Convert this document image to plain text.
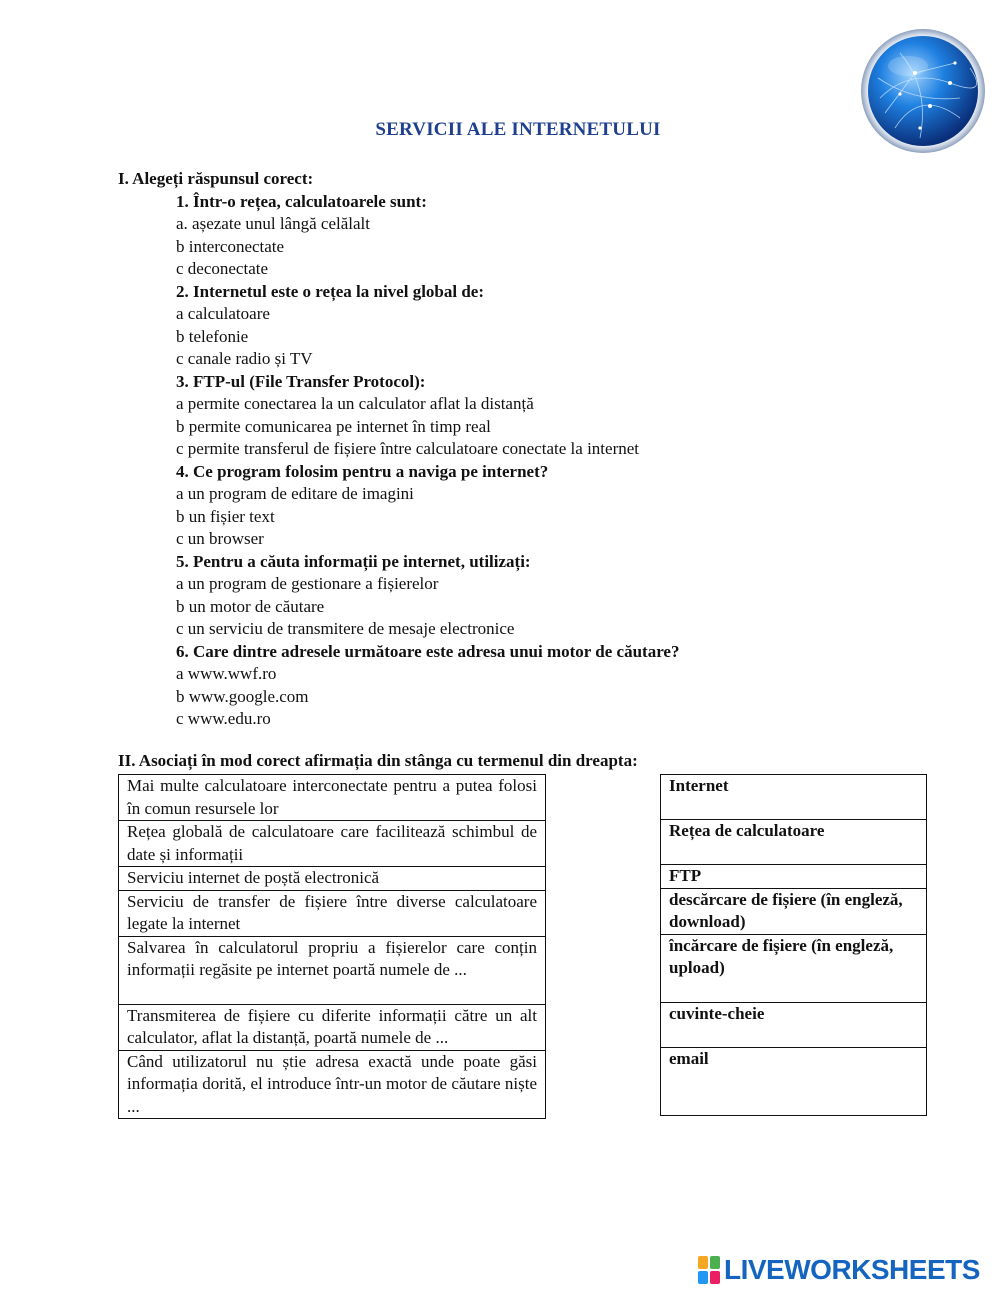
SERVICII ALE INTERNETULUI
I. Alegeți răspunsul corect:
1. Într-o rețea, calculatoarele sunt:
a. așezate unul lângă celălalt
b interconectate
c deconectate
2. Internetul este o rețea la nivel global de:
a calculatoare
b telefonie
c canale radio și TV
3. FTP-ul (File Transfer Protocol):
a permite conectarea la un calculator aflat la distanță
b permite comunicarea pe internet în timp real
c permite transferul de fișiere între calculatoare conectate la internet
4. Ce program folosim pentru a naviga pe internet?
a un program de editare de imagini
b un fișier text
c un browser
5. Pentru a căuta informații pe internet, utilizați:
a un program de gestionare a fișierelor
b un motor de căutare
c un serviciu de transmitere de mesaje electronice
6. Care dintre adresele următoare este adresa unui motor de căutare?
a www.wwf.ro
b www.google.com
c www.edu.ro
II. Asociați în mod corect afirmația din stânga cu termenul din dreapta:
Mai multe calculatoare interconectate pentru a putea folosi în comun resursele lor
Rețea globală de calculatoare care facilitează schimbul de date și informații
Serviciu internet de poștă electronică
Serviciu de transfer de fișiere între diverse calculatoare legate la internet
Salvarea în calculatorul propriu a fișierelor care conțin informații regăsite pe internet poartă numele de ...
Transmiterea de fișiere cu diferite informații către un alt calculator, aflat la distanță, poartă numele de ...
Când utilizatorul nu știe adresa exactă unde poate găsi informația dorită, el introduce într-un motor de căutare niște ...
Internet
Rețea de calculatoare
FTP
descărcare de fișiere (în engleză, download)
încărcare de fișiere (în engleză, upload)
cuvinte-cheie
email
LIVEWORKSHEETS
